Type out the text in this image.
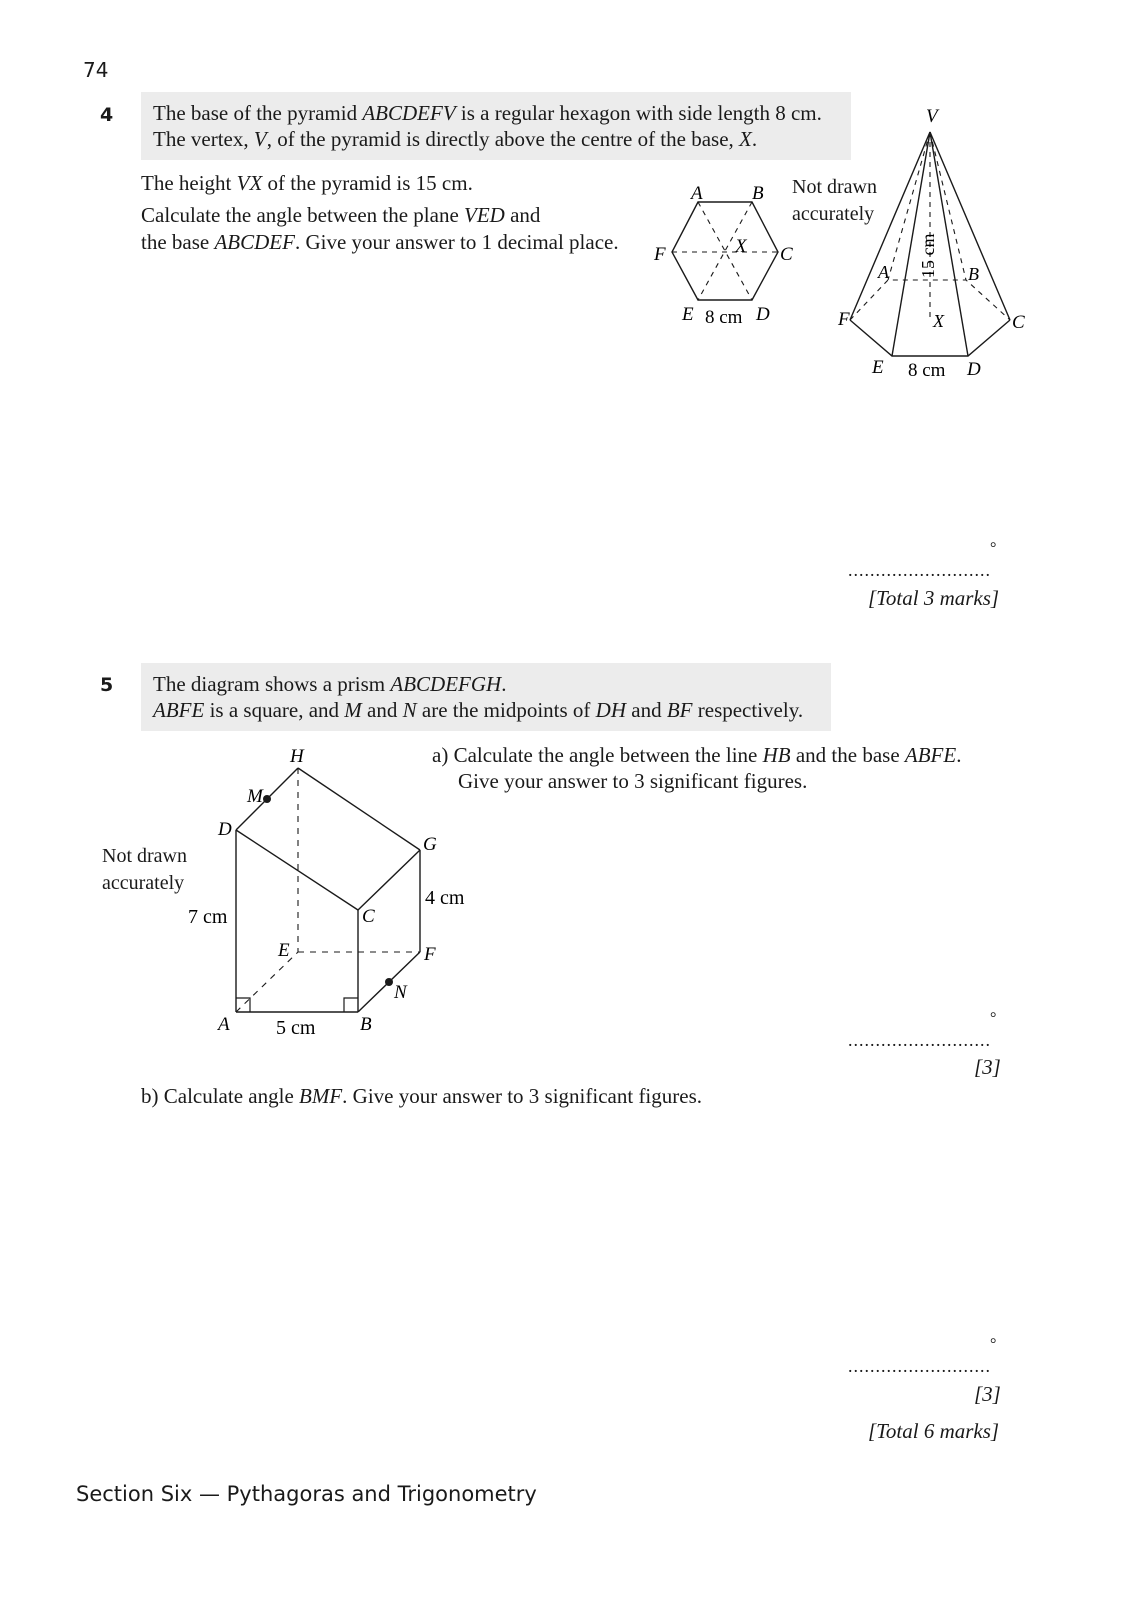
74
4 The base of the pyramid ABCDEFV is a regular hexagon with side length 8 cm.
The vertex, V, of the pyramid is directly above the centre of the base, X.
The height VX of the pyramid is 15 cm.
Calculate the angle between the plane VED and
the base ABCDEF. Give your answer to 1 decimal place.
A	B
C
D
E
F	X
8 cm
Not drawn
accurately
V
A	B
C
D
E
F	X
15 cm
8 cm
..........................
°
[Total 3 marks]
5 The diagram shows a prism ABCDEFGH.
ABFE is a square, and M and N are the midpoints of DH and BF respectively.
Not drawn
accurately
H
M
D
G
C
E	F
N
A	B
7 cm
5 cm
4 cm
a) Calculate the angle between the line HB and the base ABFE.
Give your answer to 3 significant figures.
..........................
°
[3]
b) Calculate angle BMF. Give your answer to 3 significant figures.
..........................
°
[3]
[Total 6 marks]
Section Six — Pythagoras and Trigonometry
